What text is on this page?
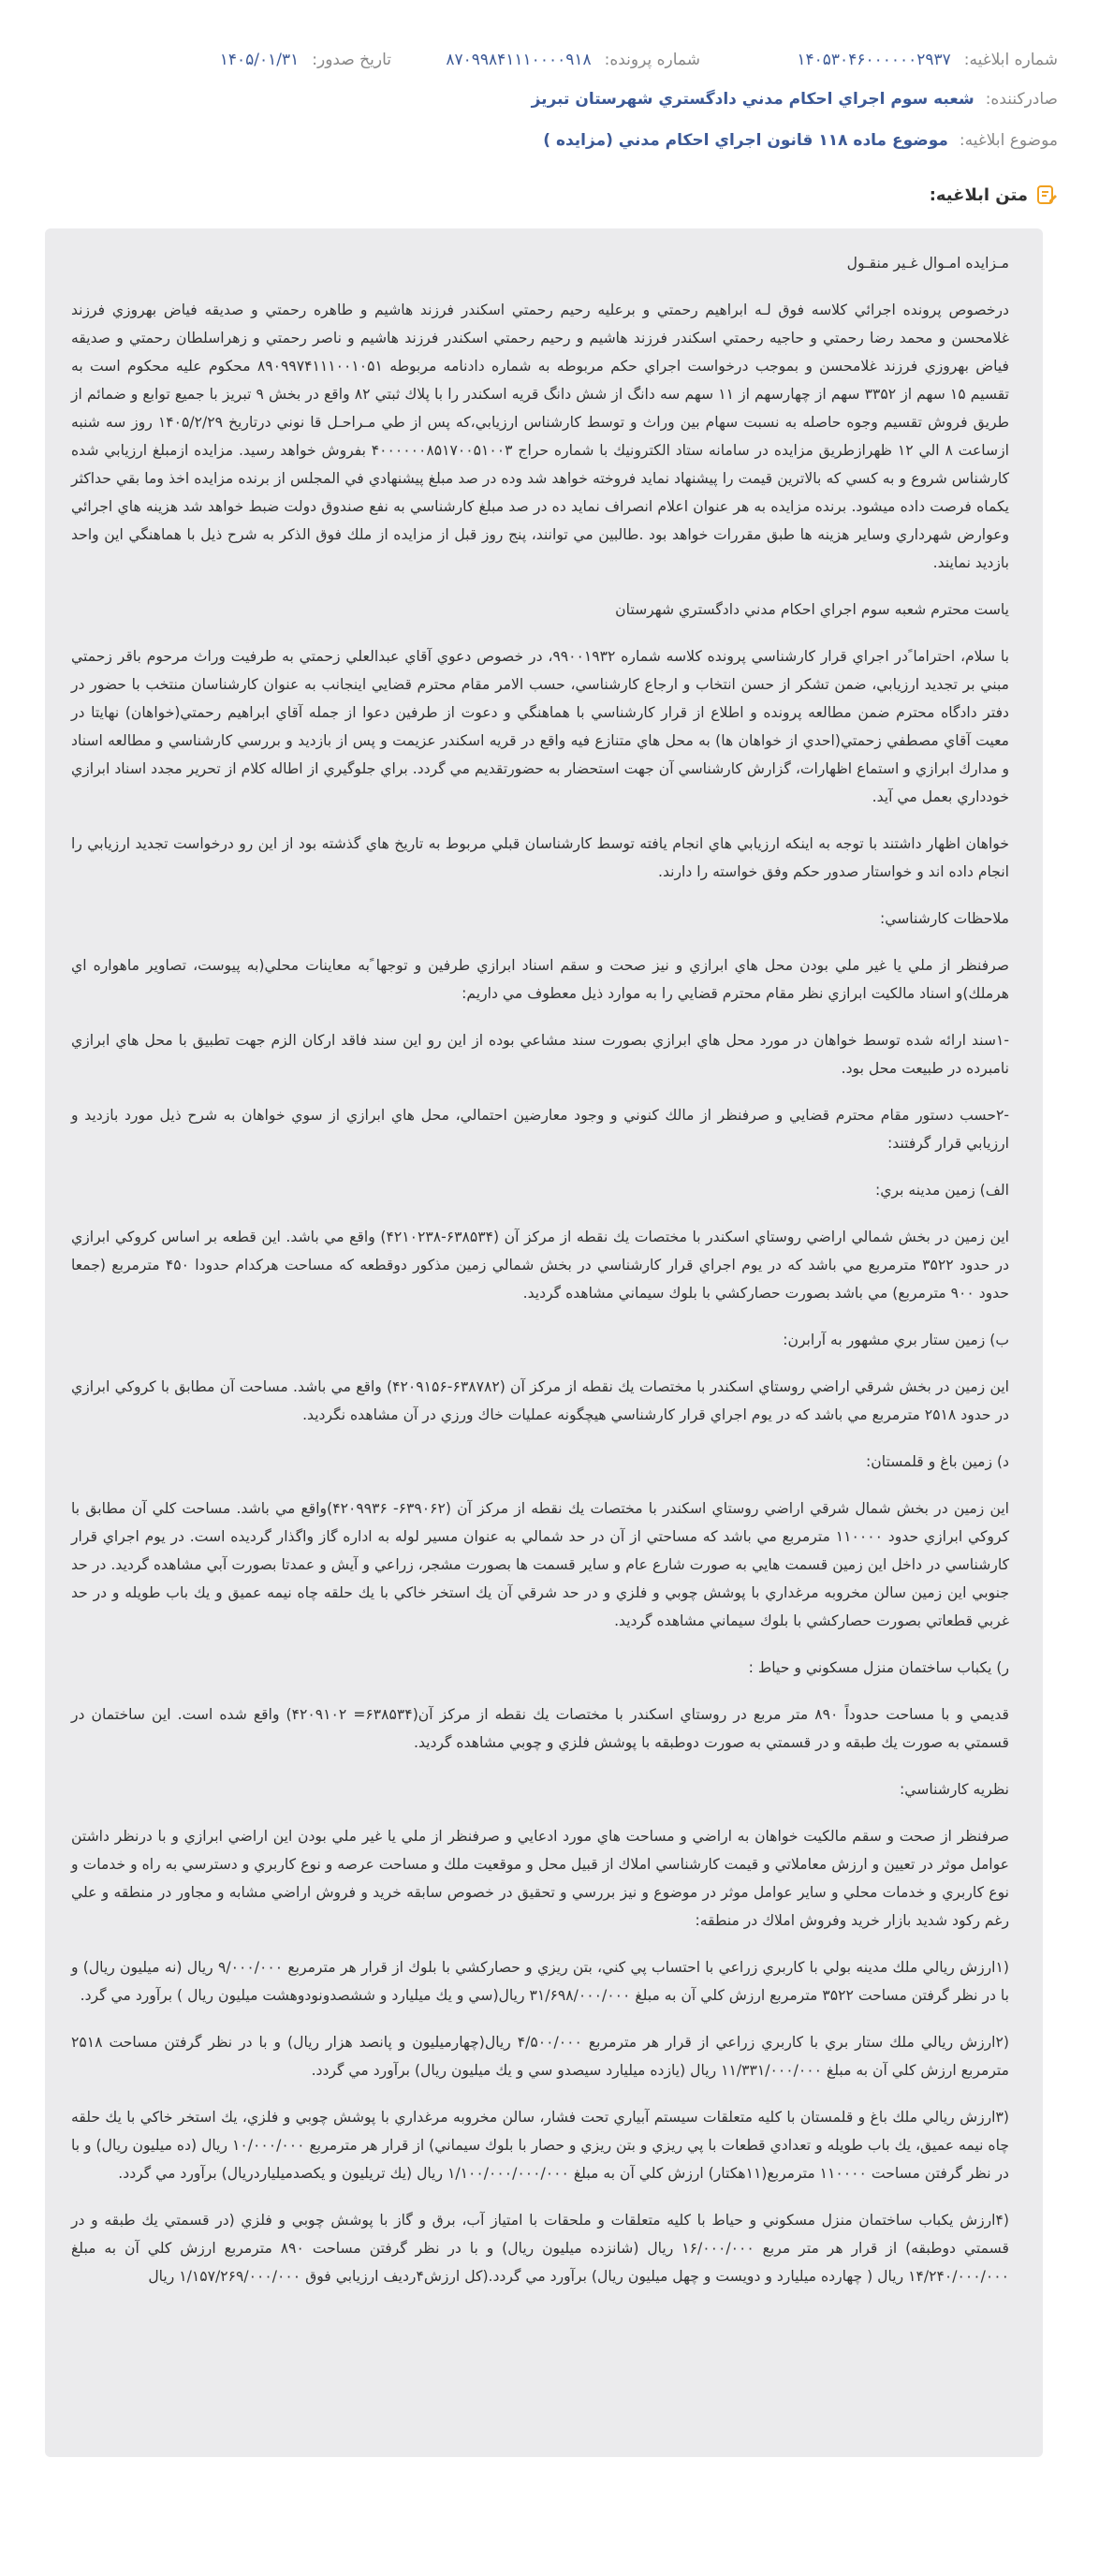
شماره ابلاغيه:
۱۴۰۵۳۰۴۶۰۰۰۰۰۰۲۹۳۷
شماره پرونده:
۸۷۰۹۹۸۴۱۱۱۰۰۰۰۹۱۸
تاريخ صدور:
۱۴۰۵/۰۱/۳۱
صادرکننده:
شعبه سوم اجراي احكام مدني دادگستري شهرستان تبريز
موضوع ابلاغيه:
موضوع ماده ۱۱۸ قانون اجراي احكام مدني (مزايده )
متن ابلاغيه:

مـزايده امـوال غـير منقـول

درخصوص پرونده اجرائي كلاسه فوق لـه ابراهيم رحمتي و برعليه رحيم رحمتي اسكندر فرزند هاشيم و طاهره رحمتي و صديقه فياض بهروزي فرزند غلامحسن و محمد رضا رحمتي و حاجيه رحمتي اسكندر فرزند هاشيم و رحيم رحمتي اسكندر فرزند هاشيم و ناصر رحمتي و زهراسلطان رحمتي و صديقه فياض بهروزي فرزند غلامحسن و بموجب درخواست اجراي حكم مربوطه به شماره دادنامه مربوطه ۸۹۰۹۹۷۴۱۱۱۰۰۱۰۵۱ محكوم عليه محكوم است به تقسيم ۱۵ سهم از ۳۳۵۲ سهم از چهارسهم از ۱۱ سهم سه دانگ از شش دانگ قريه اسكندر را با پلاك ثبتي ۸۲ واقع در بخش ۹ تبريز با جميع توابع و ضمائم از طريق فروش تقسيم وجوه حاصله به نسبت سهام بين وراث و توسط كارشناس ارزيابي،كه پس از طي مـراحـل قا نوني درتاريخ ۱۴۰۵/۲/۲۹ روز سه شنبه ازساعت ۸ الي ۱۲ ظهرازطريق مزايده در سامانه ستاد الكترونيك با شماره حراج ۴۰۰۰۰۰۰۸۵۱۷۰۰۵۱۰۰۳ بفروش خواهد رسيد. مزايده ازمبلغ ارزيابي شده كارشناس شروع و به كسي كه بالاترين قيمت را پيشنهاد نمايد فروخته خواهد شد وده در صد مبلغ پيشنهادي في المجلس از برنده مزايده اخذ وما بقي حداكثر يكماه فرصت داده ميشود. برنده مزايده به هر عنوان اعلام انصراف نمايد ده در صد مبلغ كارشناسي به نفع صندوق دولت ضبط خواهد شد هزينه هاي اجرائي وعوارض شهرداري وساير هزينه ها طبق مقررات خواهد بود .طالبين مي توانند، پنج روز قبل از مزايده از ملك فوق الذكر به شرح ذيل با هماهنگي اين واحد بازديد نمايند.

ياست محترم شعبه سوم اجراي احكام مدني دادگستري شهرستان

با سلام، احتراما ًدر اجراي قرار كارشناسي پرونده كلاسه شماره ۹۹۰۰۱۹۳۲، در خصوص دعوي آقاي عبدالعلي زحمتي به طرفيت وراث مرحوم باقر زحمتي مبني بر تجديد ارزيابي، ضمن تشكر از حسن انتخاب و ارجاع كارشناسي، حسب الامر مقام محترم قضايي اينجانب به عنوان كارشناسان منتخب با حضور در دفتر دادگاه محترم ضمن مطالعه پرونده و اطلاع از قرار كارشناسي با هماهنگي و دعوت از طرفين دعوا از جمله آقاي ابراهيم رحمتي(خواهان) نهايتا در معيت آقاي مصطفي زحمتي(احدي از خواهان ها) به محل هاي متنازع فيه واقع در قريه اسكندر عزيمت و پس از بازديد و بررسي كارشناسي و مطالعه اسناد و مدارك ابرازي و استماع اظهارات، گزارش كارشناسي آن جهت استحضار به حضورتقديم مي گردد. براي جلوگيري از اطاله كلام از تحرير مجدد اسناد ابرازي خودداري بعمل مي آيد.

خواهان اظهار داشتند با توجه به اينكه ارزيابي هاي انجام يافته توسط كارشناسان قبلي مربوط به تاريخ هاي گذشته بود از اين رو درخواست تجديد ارزيابي را انجام داده اند و خواستار صدور حكم وفق خواسته را دارند.

ملاحظات كارشناسي:

صرفنظر از ملي يا غير ملي بودن محل هاي ابرازي و نيز صحت و سقم اسناد ابرازي طرفين و توجها ًبه معاينات محلي(به پيوست، تصاوير ماهواره اي هرملك)و اسناد مالكيت ابرازي نظر مقام محترم قضايي را به موارد ذيل معطوف مي داريم:

-۱سند ارائه شده توسط خواهان در مورد محل هاي ابرازي بصورت سند مشاعي بوده از اين رو اين سند فاقد اركان الزم جهت تطبيق با محل هاي ابرازي نامبرده در طبيعت محل بود.

-۲حسب دستور مقام محترم قضايي و صرفنظر از مالك كنوني و وجود معارضين احتمالي، محل هاي ابرازي از سوي خواهان به شرح ذيل مورد بازديد و ارزيابي قرار گرفتند:

الف) زمين مدينه بري:

اين زمين در بخش شمالي اراضي روستاي اسكندر با مختصات يك نقطه از مركز آن (۶۳۸۵۳۴-۴۲۱۰۲۳۸) واقع مي باشد. اين قطعه بر اساس كروكي ابرازي در حدود ۳۵۲۲ مترمربع مي باشد كه در يوم اجراي قرار كارشناسي در بخش شمالي زمين مذكور دوقطعه كه مساحت هركدام حدودا ۴۵۰ مترمربع (جمعا حدود ۹۰۰ مترمربع) مي باشد بصورت حصاركشي با بلوك سيماني مشاهده گرديد.

ب) زمين ستار بري مشهور به آرابرن:

اين زمين در بخش شرقي اراضي روستاي اسكندر با مختصات يك نقطه از مركز آن (۶۳۸۷۸۲-۴۲۰۹۱۵۶) واقع مي باشد. مساحت آن مطابق با كروكي ابرازي در حدود ۲۵۱۸ مترمربع مي باشد كه در يوم اجراي قرار كارشناسي هيچگونه عمليات خاك ورزي در آن مشاهده نگرديد.

د) زمين باغ و قلمستان:

اين زمين در بخش شمال شرقي اراضي روستاي اسكندر با مختصات يك نقطه از مركز آن (۶۳۹۰۶۲- ۴۲۰۹۹۳۶)واقع مي باشد. مساحت كلي آن مطابق با كروكي ابرازي حدود ۱۱۰۰۰۰ مترمربع مي باشد كه مساحتي از آن در حد شمالي به عنوان مسير لوله به اداره گاز واگذار گرديده است. در يوم اجراي قرار كارشناسي در داخل اين زمين قسمت هايي به صورت شارع عام و ساير قسمت ها بصورت مشجر، زراعي و آيش و عمدتا بصورت آبي مشاهده گرديد. در حد جنوبي اين زمين سالن مخروبه مرغداري با پوشش چوبي و فلزي و در حد شرقي آن يك استخر خاكي با يك حلقه چاه نيمه عميق و يك باب طويله و در حد غربي قطعاتي بصورت حصاركشي با بلوك سيماني مشاهده گرديد.

ر) يكباب ساختمان منزل مسكوني و حياط :

قديمي و با مساحت حدوداً ۸۹۰ متر مربع در روستاي اسكندر با مختصات يك نقطه از مركز آن(۶۳۸۵۳۴= ۴۲۰۹۱۰۲) واقع شده است. اين ساختمان در قسمتي به صورت يك طبقه و در قسمتي به صورت دوطبقه با پوشش فلزي و چوبي مشاهده گرديد.

نظريه كارشناسي:

صرفنظر از صحت و سقم مالكيت خواهان به اراضي و مساحت هاي مورد ادعايي و صرفنظر از ملي يا غير ملي بودن اين اراضي ابرازي و با درنظر داشتن عوامل موثر در تعيين و ارزش معاملاتي و قيمت كارشناسي املاك از قبيل محل و موقعيت ملك و مساحت عرصه و نوع كاربري و دسترسي به راه و خدمات و نوع كاربري و خدمات محلي و ساير عوامل موثر در موضوع و نيز بررسي و تحقيق در خصوص سابقه خريد و فروش اراضي مشابه و مجاور در منطقه و علي رغم ركود شديد بازار خريد وفروش املاك در منطقه:

(۱ارزش ريالي ملك مدينه بولي با كاربري زراعي با احتساب پي كني، بتن ريزي و حصاركشي با بلوك از قرار هر مترمربع ۹/۰۰۰/۰۰۰ ريال (نه ميليون ريال) و با در نظر گرفتن مساحت ۳۵۲۲ مترمربع ارزش كلي آن به مبلغ ۳۱/۶۹۸/۰۰۰/۰۰۰ ريال(سي و يك ميليارد و ششصدونودوهشت ميليون ريال ) برآورد مي گرد.

(۲ارزش ريالي ملك ستار بري با كاربري زراعي از قرار هر مترمربع ۴/۵۰۰/۰۰۰ ريال(چهارميليون و پانصد هزار ريال) و با در نظر گرفتن مساحت ۲۵۱۸ مترمربع ارزش كلي آن به مبلغ ۱۱/۳۳۱/۰۰۰/۰۰۰ ريال (يازده ميليارد سيصدو سي و يك ميليون ريال) برآورد مي گردد.

(۳ارزش ريالي ملك باغ و قلمستان با كليه متعلقات سيستم آبياري تحت فشار، سالن مخروبه مرغداري با پوشش چوبي و فلزي، يك استخر خاكي با يك حلقه چاه نيمه عميق، يك باب طويله و تعدادي قطعات با پي ريزي و بتن ريزي و حصار با بلوك سيماني) از قرار هر مترمربع ۱۰/۰۰۰/۰۰۰ ريال (ده ميليون ريال) و با در نظر گرفتن مساحت ۱۱۰۰۰۰ مترمربع(۱۱هكتار) ارزش كلي آن به مبلغ ۱/۱۰۰/۰۰۰/۰۰۰/۰۰۰ ريال (يك تريليون و يكصدميلياردريال) برآورد مي گردد.

(۴ارزش يكباب ساختمان منزل مسكوني و حياط با كليه متعلقات و ملحقات با امتياز آب، برق و گاز با پوشش چوبي و فلزي (در قسمتي يك طبقه و در قسمتي دوطبقه) از قرار هر متر مربع ۱۶/۰۰۰/۰۰۰ ريال (شانزده ميليون ريال) و با در نظر گرفتن مساحت ۸۹۰ مترمربع ارزش كلي آن به مبلغ ۱۴/۲۴۰/۰۰۰/۰۰۰ ريال ( چهارده ميليارد و دويست و چهل ميليون ريال) برآورد مي گردد.(كل ارزش۴رديف ارزيابي فوق ۱/۱۵۷/۲۶۹/۰۰۰/۰۰۰ ريال
